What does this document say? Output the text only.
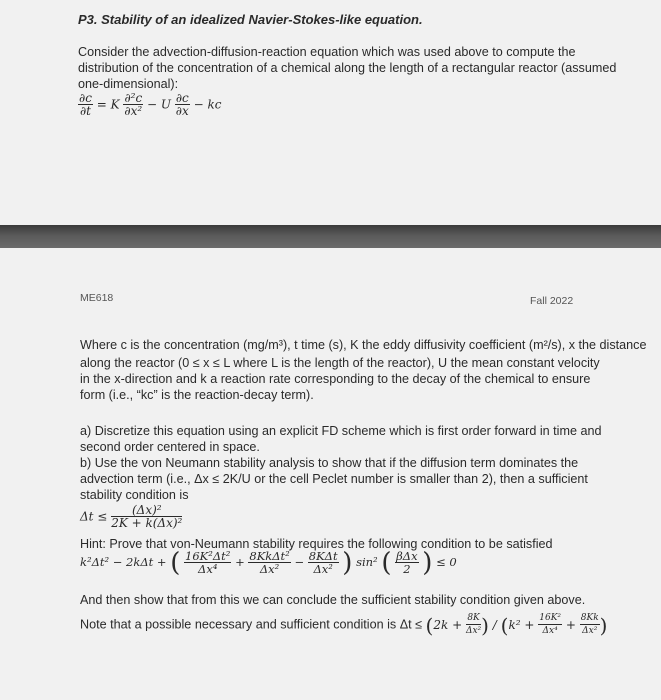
P3. Stability of an idealized Navier-Stokes-like equation.
Consider the advection-diffusion-reaction equation which was used above to compute the
distribution of the concentration of a chemical along the length of a rectangular reactor (assumed
one-dimensional):
$\frac{\partial c}{\partial t} = K \frac{\text{∂²c}}{\text{∂x²}} - U \frac{\partial c}{\partial x}$ − kc
ME618	Fall 2022
Where c is the concentration (mg/m³), t time (s), K the eddy diffusivity coefficient (m²/s), x the distance
along the reactor (0 ≤ x ≤ L where L is the length of the reactor), U the mean constant velocity
in the x-direction and k a reaction rate corresponding to the decay of the chemical to ensure
form (i.e., “kc” is the reaction-decay term).
a) Discretize this equation using an explicit FD scheme which is first order forward in time and
second order centered in space.
b) Use the von Neumann stability analysis to show that if the diffusion term dominates the
advection term (i.e., Δx ≤ 2K/U or the cell Peclet number is smaller than 2), then a sufficient
stability condition is
$\Delta t \le \frac{\text{(Δx)²}}{\text{2K + k(Δx)²}}$
Hint: Prove that von-Neumann stability requires the following condition to be satisfied
k²Δt² − 2kΔt + ( $\frac{\text{16K²Δt²}}{\text{Δx⁴}} + \frac{\text{8KkΔt²}}{\text{Δx²}} - \frac{\text{8KΔt}}{\text{Δx²}}$ ) sin² ( $\frac{\text{βΔx}}{2}$ ) ≤ 0
And then show that from this we can conclude the sufficient stability condition given above.
Note that a possible necessary and sufficient condition is $\Delta t \le (2k + \frac{8K}{\text{Δx²}}$ ) / ($k^2 + \frac{\text{16K²}}{\text{Δx⁴}} + \frac{8Kk}{\text{Δx²}}$ )
